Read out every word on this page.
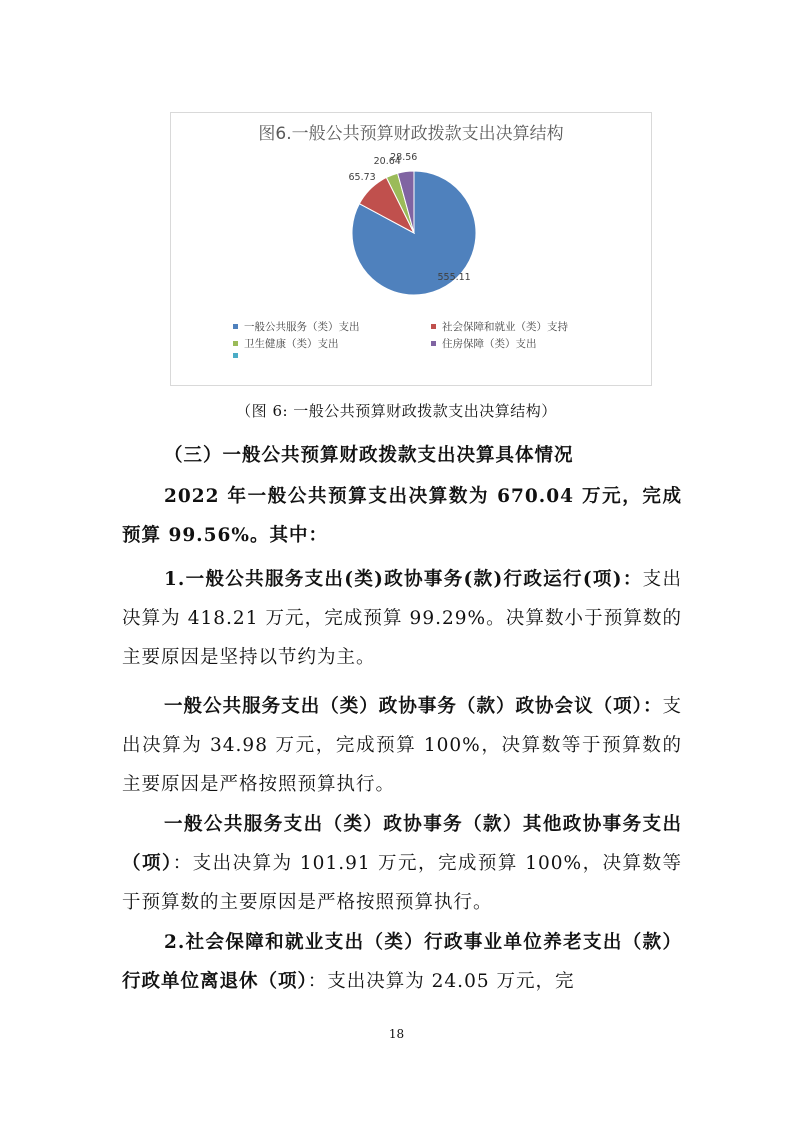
图6.一般公共预算财政拨款支出决算结构
555.11
65.73
20.64
28.56
一般公共服务（类）支出	社会保障和就业（类）支持
卫生健康（类）支出	住房保障（类）支出
（图 6: 一般公共预算财政拨款支出决算结构）

（三）一般公共预算财政拨款支出决算具体情况

2022 年一般公共预算支出决算数为 670.04 万元，完成预算 99.56%。其中：

1.一般公共服务支出(类)政协事务(款)行政运行(项)：支出决算为 418.21 万元，完成预算 99.29%。决算数小于预算数的主要原因是坚持以节约为主。

一般公共服务支出（类）政协事务（款）政协会议（项）：支出决算为 34.98 万元，完成预算 100%，决算数等于预算数的主要原因是严格按照预算执行。

一般公共服务支出（类）政协事务（款）其他政协事务支出（项）：支出决算为 101.91 万元，完成预算 100%，决算数等于预算数的主要原因是严格按照预算执行。

2.社会保障和就业支出（类）行政事业单位养老支出（款）行政单位离退休（项）：支出决算为 24.05 万元，完

18
